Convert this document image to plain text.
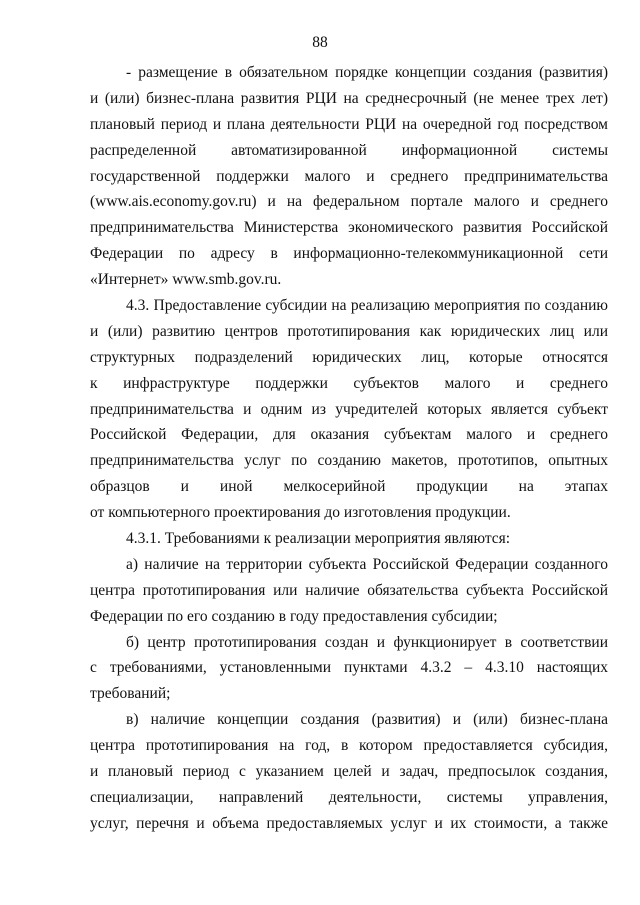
88
- размещение в обязательном порядке концепции создания (развития)
и (или) бизнес-плана развития РЦИ на среднесрочный (не менее трех лет)
плановый период и плана деятельности РЦИ на очередной год посредством
распределенной автоматизированной информационной системы
государственной поддержки малого и среднего предпринимательства
(www.ais.economy.gov.ru) и на федеральном портале малого и среднего
предпринимательства Министерства экономического развития Российской
Федерации по адресу в информационно-телекоммуникационной сети
«Интернет» www.smb.gov.ru.
4.3. Предоставление субсидии на реализацию мероприятия по созданию
и (или) развитию центров прототипирования как юридических лиц или
структурных подразделений юридических лиц, которые относятся
к инфраструктуре поддержки субъектов малого и среднего
предпринимательства и одним из учредителей которых является субъект
Российской Федерации, для оказания субъектам малого и среднего
предпринимательства услуг по созданию макетов, прототипов, опытных
образцов и иной мелкосерийной продукции на этапах
от компьютерного проектирования до изготовления продукции.
4.3.1. Требованиями к реализации мероприятия являются:
а) наличие на территории субъекта Российской Федерации созданного
центра прототипирования или наличие обязательства субъекта Российской
Федерации по его созданию в году предоставления субсидии;
б) центр прототипирования создан и функционирует в соответствии
с требованиями, установленными пунктами 4.3.2 – 4.3.10 настоящих
требований;
в) наличие концепции создания (развития) и (или) бизнес-плана
центра прототипирования на год, в котором предоставляется субсидия,
и плановый период с указанием целей и задач, предпосылок создания,
специализации, направлений деятельности, системы управления,
услуг, перечня и объема предоставляемых услуг и их стоимости, а также
